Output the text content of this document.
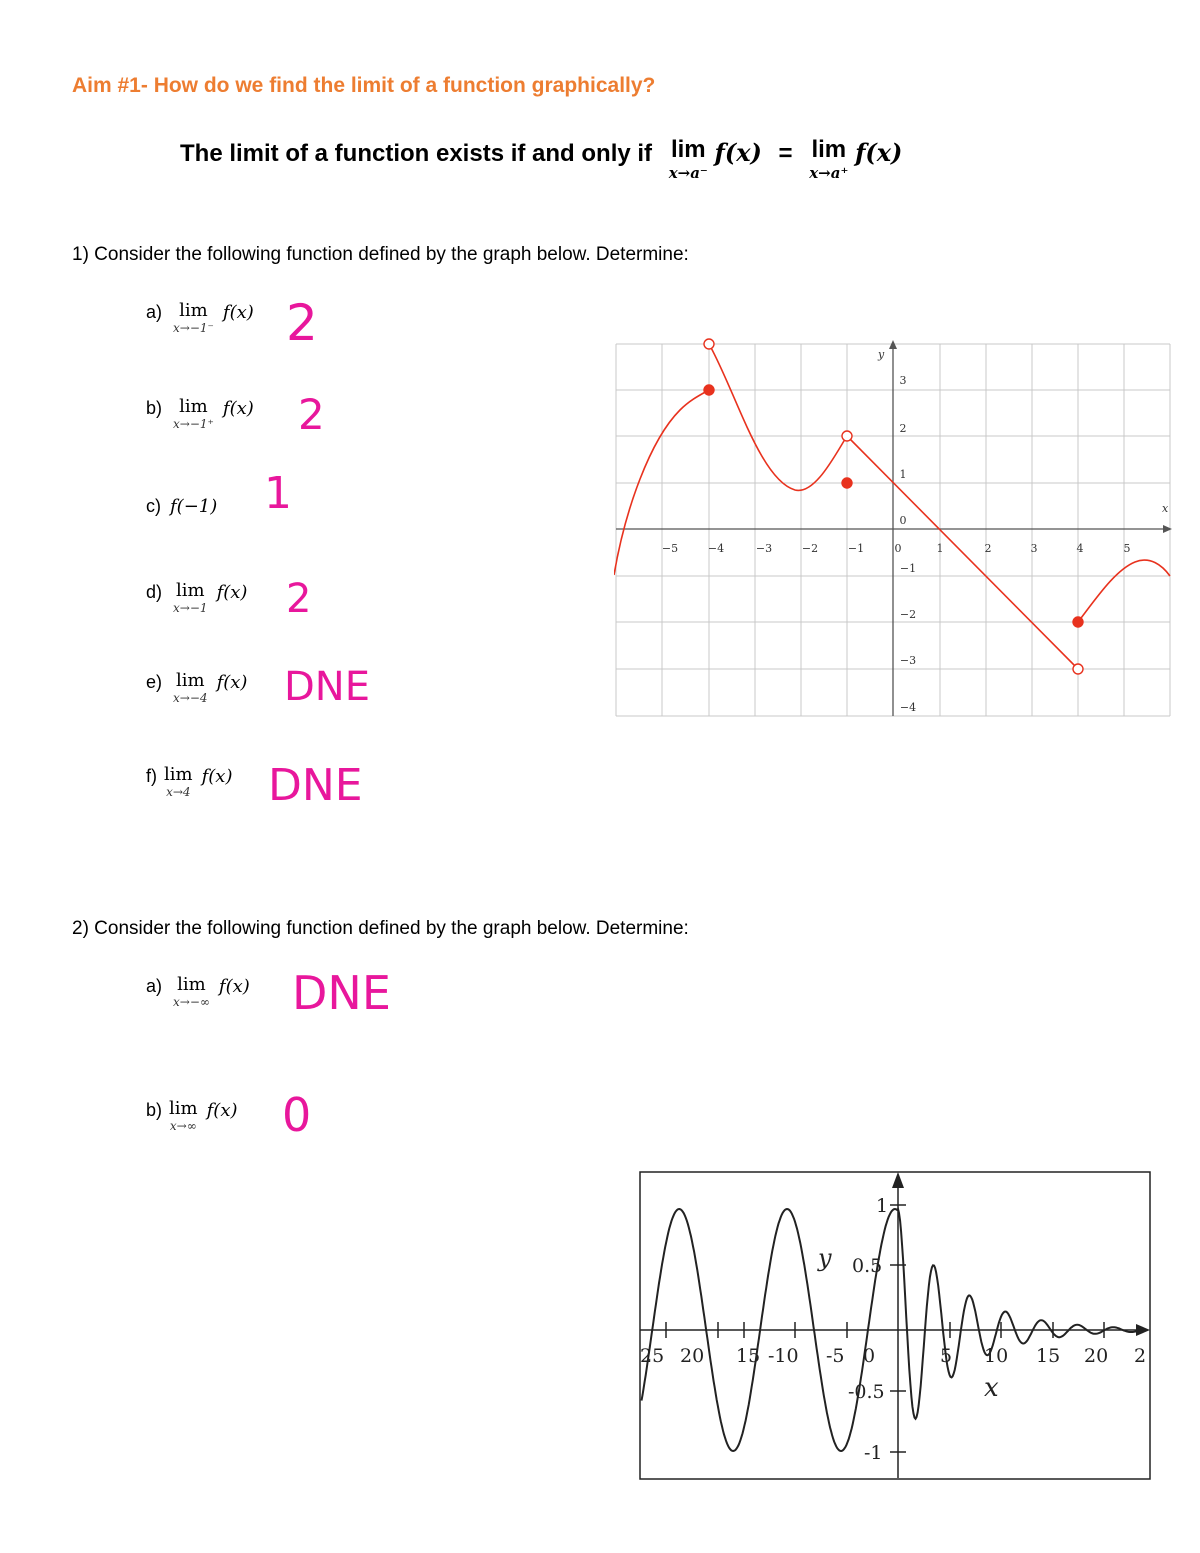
Aim #1- How do we find the limit of a function graphically?
The limit of a function exists if and only if lim
x→a⁻
f(x) = lim
x→a⁺
f(x)
1) Consider the following function defined by the graph below. Determine:
a) lim
x→−1⁻
f(x) 2
b) lim
x→−1⁺
f(x) 2
c) f(−1) 1
d) lim
x→−1
f(x) 2
e) lim
x→−4
f(x) DNE
f) lim
x→4
f(x) DNE
−5	−4	−3	−2	−1	0	1	2	3	4	5
3
2
1
0
−1
−2
−3
−4
x
y
2) Consider the following function defined by the graph below. Determine:
a) lim
x→−∞
f(x) DNE
b) lim
x→∞
f(x) 0
25 20 15 -10 -5 0	5 10 15 20 2
1
0.5
-0.5
-1
y
x
